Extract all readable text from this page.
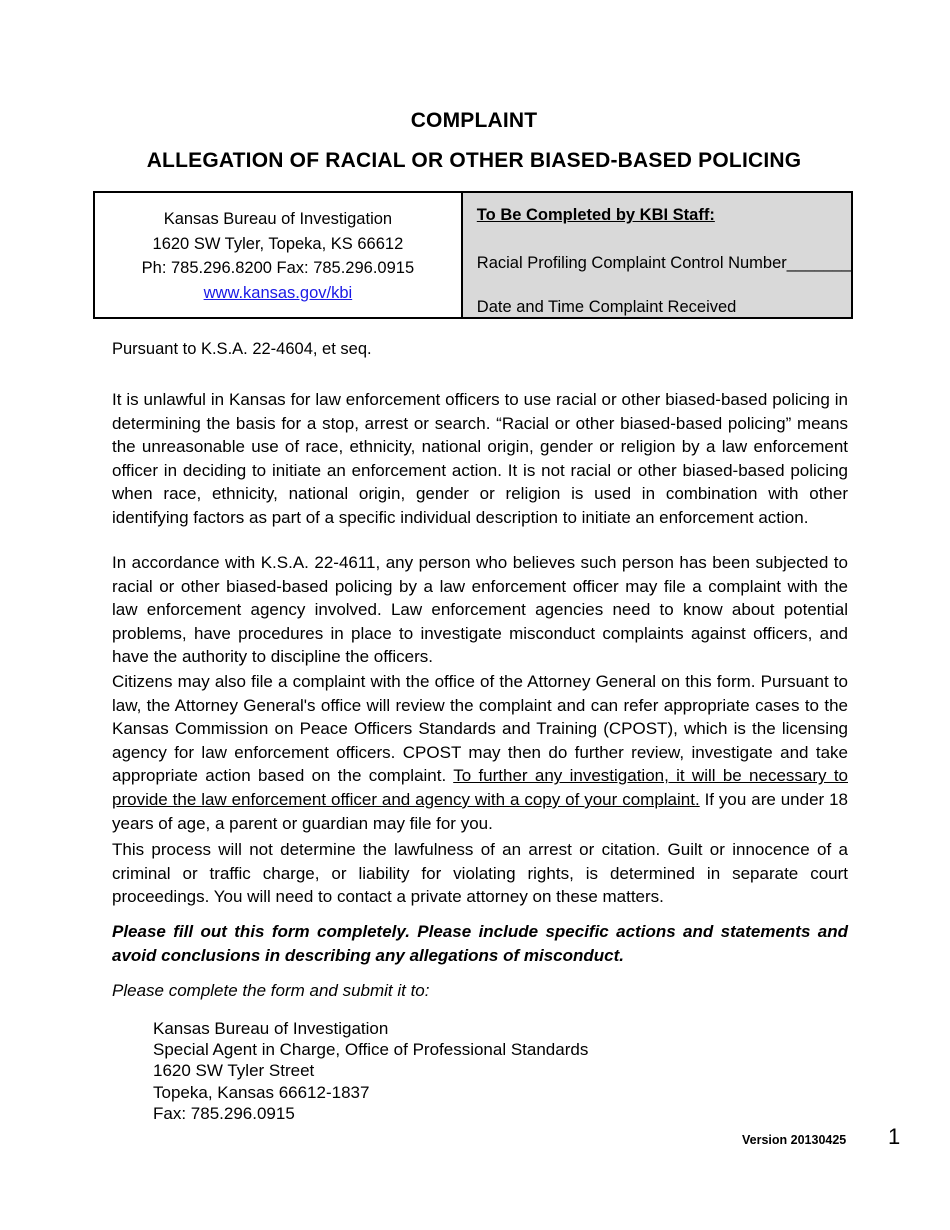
COMPLAINT
ALLEGATION OF RACIAL OR OTHER BIASED-BASED POLICING
Kansas Bureau of Investigation
1620 SW Tyler, Topeka, KS 66612
Ph: 785.296.8200 Fax: 785.296.0915
www.kansas.gov/kbi
To Be Completed by KBI Staff:
Racial Profiling Complaint Control Number_______
Date and Time Complaint Received
Pursuant to K.S.A. 22-4604, et seq.

It is unlawful in Kansas for law enforcement officers to use racial or other biased-based policing in determining the basis for a stop, arrest or search. “Racial or other biased-based policing” means the unreasonable use of race, ethnicity, national origin, gender or religion by a law enforcement officer in deciding to initiate an enforcement action. It is not racial or other biased-based policing when race, ethnicity, national origin, gender or religion is used in combination with other identifying factors as part of a specific individual description to initiate an enforcement action.

In accordance with K.S.A. 22-4611, any person who believes such person has been subjected to racial or other biased-based policing by a law enforcement officer may file a complaint with the law enforcement agency involved. Law enforcement agencies need to know about potential problems, have procedures in place to investigate misconduct complaints against officers, and have the authority to discipline the officers.

Citizens may also file a complaint with the office of the Attorney General on this form. Pursuant to law, the Attorney General's office will review the complaint and can refer appropriate cases to the Kansas Commission on Peace Officers Standards and Training (CPOST), which is the licensing agency for law enforcement officers. CPOST may then do further review, investigate and take appropriate action based on the complaint. To further any investigation, it will be necessary to provide the law enforcement officer and agency with a copy of your complaint. If you are under 18 years of age, a parent or guardian may file for you.

This process will not determine the lawfulness of an arrest or citation. Guilt or innocence of a criminal or traffic charge, or liability for violating rights, is determined in separate court proceedings. You will need to contact a private attorney on these matters.

Please fill out this form completely. Please include specific actions and statements and avoid conclusions in describing any allegations of misconduct.

Please complete the form and submit it to:

Kansas Bureau of Investigation
Special Agent in Charge, Office of Professional Standards
1620 SW Tyler Street
Topeka, Kansas 66612-1837
Fax: 785.296.0915
Version 20130425 1
